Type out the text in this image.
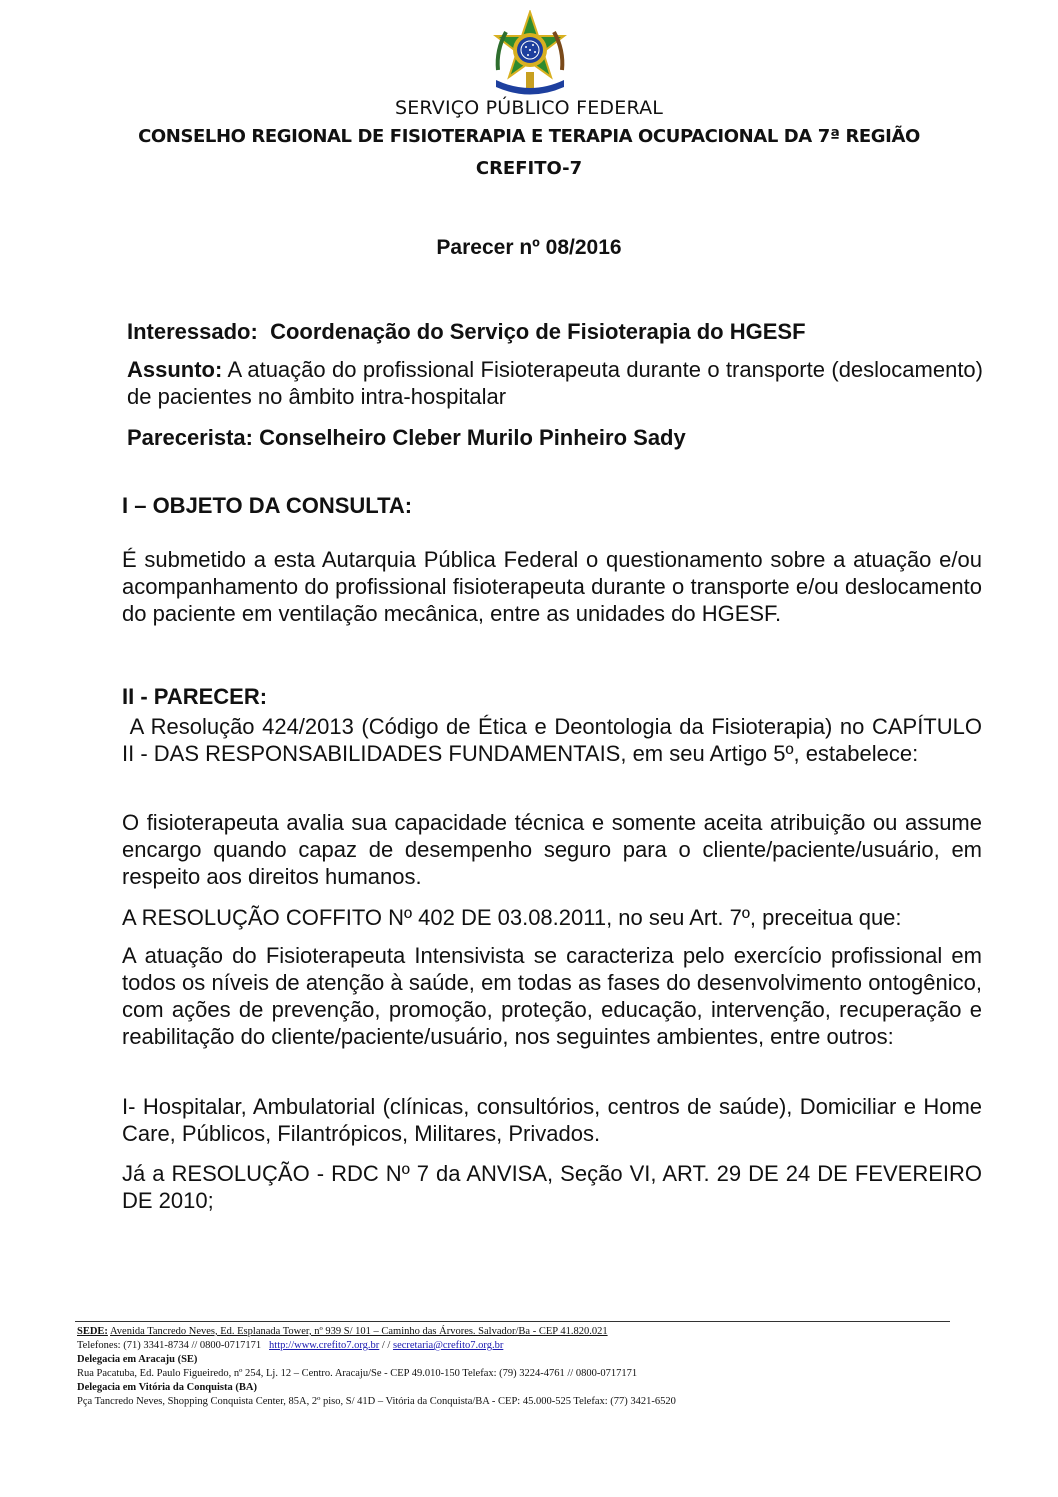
SERVIÇO PÚBLICO FEDERAL
CONSELHO REGIONAL DE FISIOTERAPIA E TERAPIA OCUPACIONAL DA 7ª REGIÃO
CREFITO-7
Parecer nº 08/2016
Interessado: Coordenação do Serviço de Fisioterapia do HGESF
Assunto: A atuação do profissional Fisioterapeuta durante o transporte (deslocamento) de pacientes no âmbito intra-hospitalar
Parecerista: Conselheiro Cleber Murilo Pinheiro Sady
I – OBJETO DA CONSULTA:
É submetido a esta Autarquia Pública Federal o questionamento sobre a atuação e/ou acompanhamento do profissional fisioterapeuta durante o transporte e/ou deslocamento do paciente em ventilação mecânica, entre as unidades do HGESF.
II - PARECER:
A Resolução 424/2013 (Código de Ética e Deontologia da Fisioterapia) no CAPÍTULO II - DAS RESPONSABILIDADES FUNDAMENTAIS, em seu Artigo 5º, estabelece:
O fisioterapeuta avalia sua capacidade técnica e somente aceita atribuição ou assume encargo quando capaz de desempenho seguro para o cliente/paciente/usuário, em respeito aos direitos humanos.
A RESOLUÇÃO COFFITO Nº 402 DE 03.08.2011, no seu Art. 7º, preceitua que:
A atuação do Fisioterapeuta Intensivista se caracteriza pelo exercício profissional em todos os níveis de atenção à saúde, em todas as fases do desenvolvimento ontogênico, com ações de prevenção, promoção, proteção, educação, intervenção, recuperação e reabilitação do cliente/paciente/usuário, nos seguintes ambientes, entre outros:
I- Hospitalar, Ambulatorial (clínicas, consultórios, centros de saúde), Domiciliar e Home Care, Públicos, Filantrópicos, Militares, Privados.
Já a RESOLUÇÃO - RDC Nº 7 da ANVISA, Seção VI, ART. 29 DE 24 DE FEVEREIRO DE 2010;
SEDE: Avenida Tancredo Neves, Ed. Esplanada Tower, nº 939 S/ 101 – Caminho das Árvores. Salvador/Ba - CEP 41.820.021
Telefones: (71) 3341-8734 // 0800-0717171 http://www.crefito7.org.br / / secretaria@crefito7.org.br
Delegacia em Aracaju (SE)
Rua Pacatuba, Ed. Paulo Figueiredo, nº 254, Lj. 12 – Centro. Aracaju/Se - CEP 49.010-150 Telefax: (79) 3224-4761 // 0800-0717171
Delegacia em Vitória da Conquista (BA)
Pça Tancredo Neves, Shopping Conquista Center, 85A, 2º piso, S/ 41D – Vitória da Conquista/BA - CEP: 45.000-525 Telefax: (77) 3421-6520
